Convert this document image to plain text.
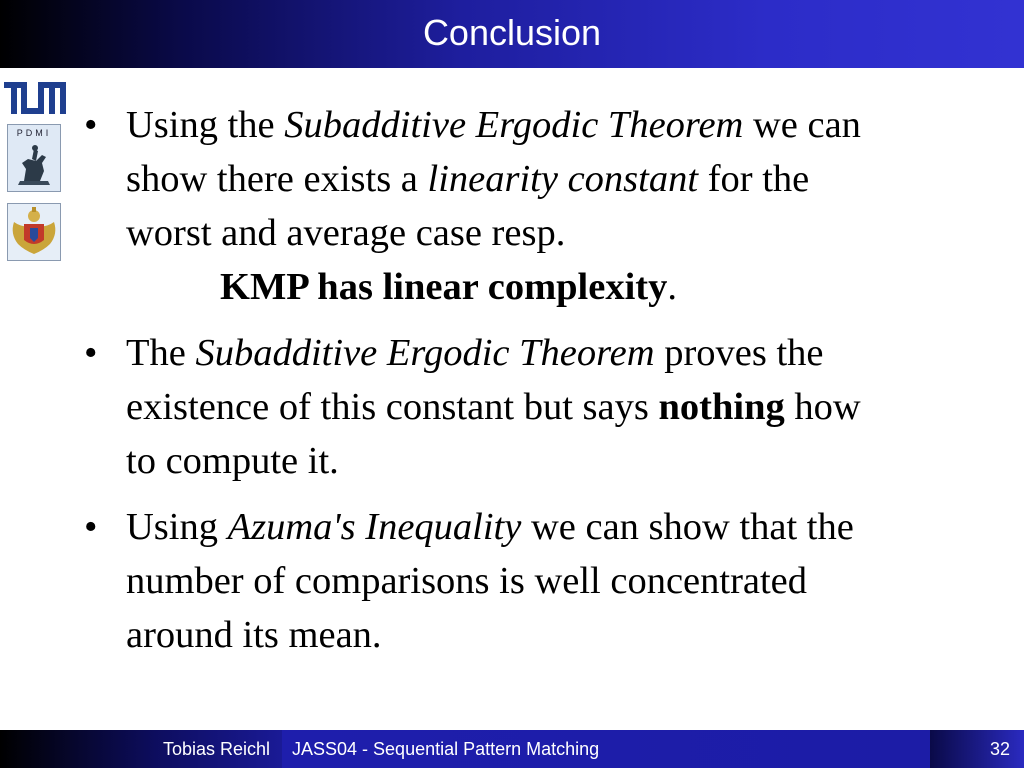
Conclusion
PDMI • Using the Subadditive Ergodic Theorem we can
show there exists a linearity constant for the
worst and average case resp.
KMP has linear complexity.
• The Subadditive Ergodic Theorem proves the
existence of this constant but says nothing how
to compute it.
• Using Azuma's Inequality we can show that the
number of comparisons is well concentrated
around its mean.
Tobias Reichl JASS04 - Sequential Pattern Matching	32
